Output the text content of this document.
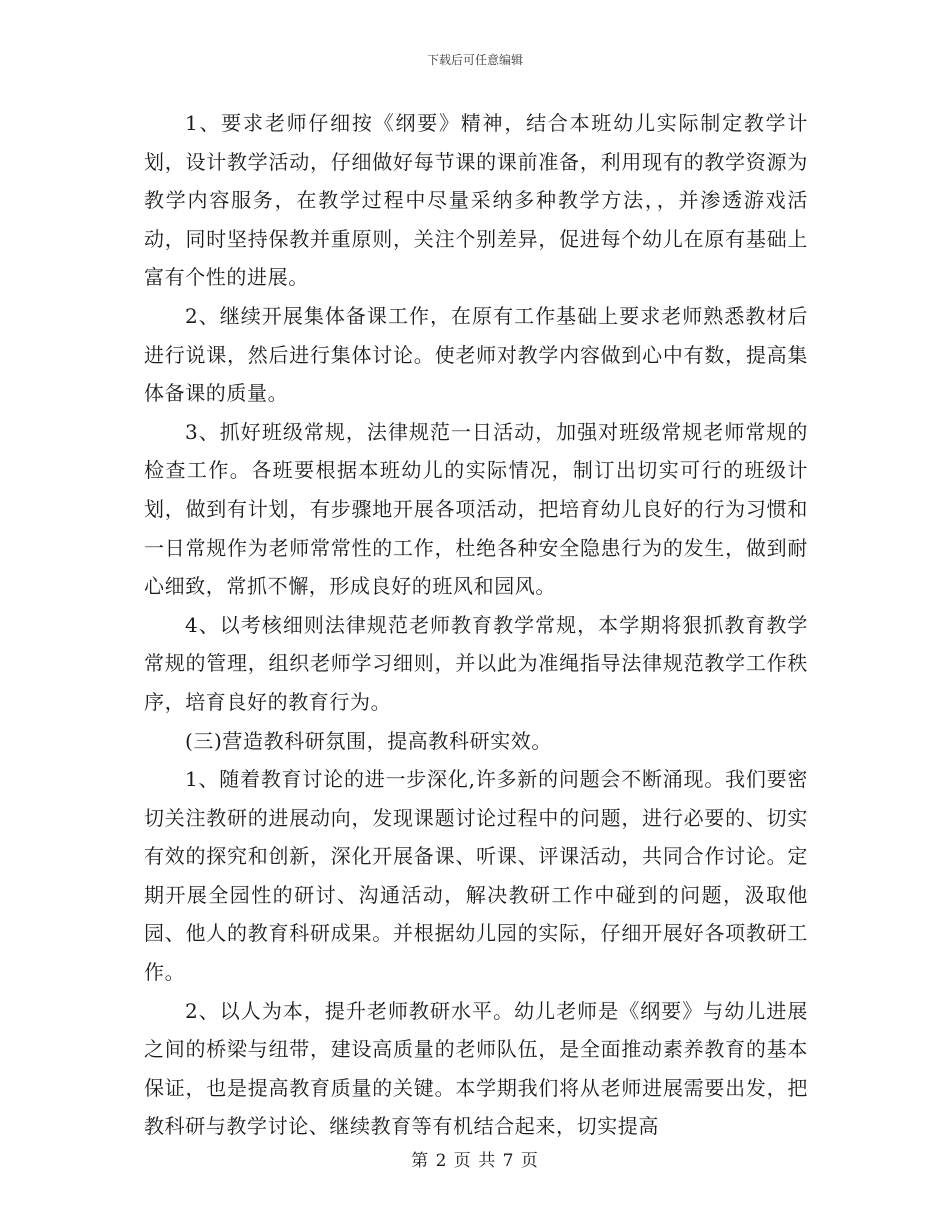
下载后可任意编辑

1、要求老师仔细按《纲要》精神，结合本班幼儿实际制定教学计划，设计教学活动，仔细做好每节课的课前准备，利用现有的教学资源为教学内容服务，在教学过程中尽量采纳多种教学方法，，并渗透游戏活动，同时坚持保教并重原则，关注个别差异，促进每个幼儿在原有基础上富有个性的进展。

2、继续开展集体备课工作，在原有工作基础上要求老师熟悉教材后进行说课，然后进行集体讨论。使老师对教学内容做到心中有数，提高集体备课的质量。

3、抓好班级常规，法律规范一日活动，加强对班级常规老师常规的检查工作。各班要根据本班幼儿的实际情况，制订出切实可行的班级计划，做到有计划，有步骤地开展各项活动，把培育幼儿良好的行为习惯和一日常规作为老师常常性的工作，杜绝各种安全隐患行为的发生，做到耐心细致，常抓不懈，形成良好的班风和园风。

4、以考核细则法律规范老师教育教学常规，本学期将狠抓教育教学常规的管理，组织老师学习细则，并以此为准绳指导法律规范教学工作秩序，培育良好的教育行为。

(三)营造教科研氛围，提高教科研实效。

1、随着教育讨论的进一步深化,许多新的问题会不断涌现。我们要密切关注教研的进展动向，发现课题讨论过程中的问题，进行必要的、切实有效的探究和创新，深化开展备课、听课、评课活动，共同合作讨论。定期开展全园性的研讨、沟通活动，解决教研工作中碰到的问题，汲取他园、他人的教育科研成果。并根据幼儿园的实际，仔细开展好各项教研工作。

2、以人为本，提升老师教研水平。幼儿老师是《纲要》与幼儿进展之间的桥梁与纽带，建设高质量的老师队伍，是全面推动素养教育的基本保证，也是提高教育质量的关键。本学期我们将从老师进展需要出发，把教科研与教学讨论、继续教育等有机结合起来，切实提高

第 2 页 共 7 页
